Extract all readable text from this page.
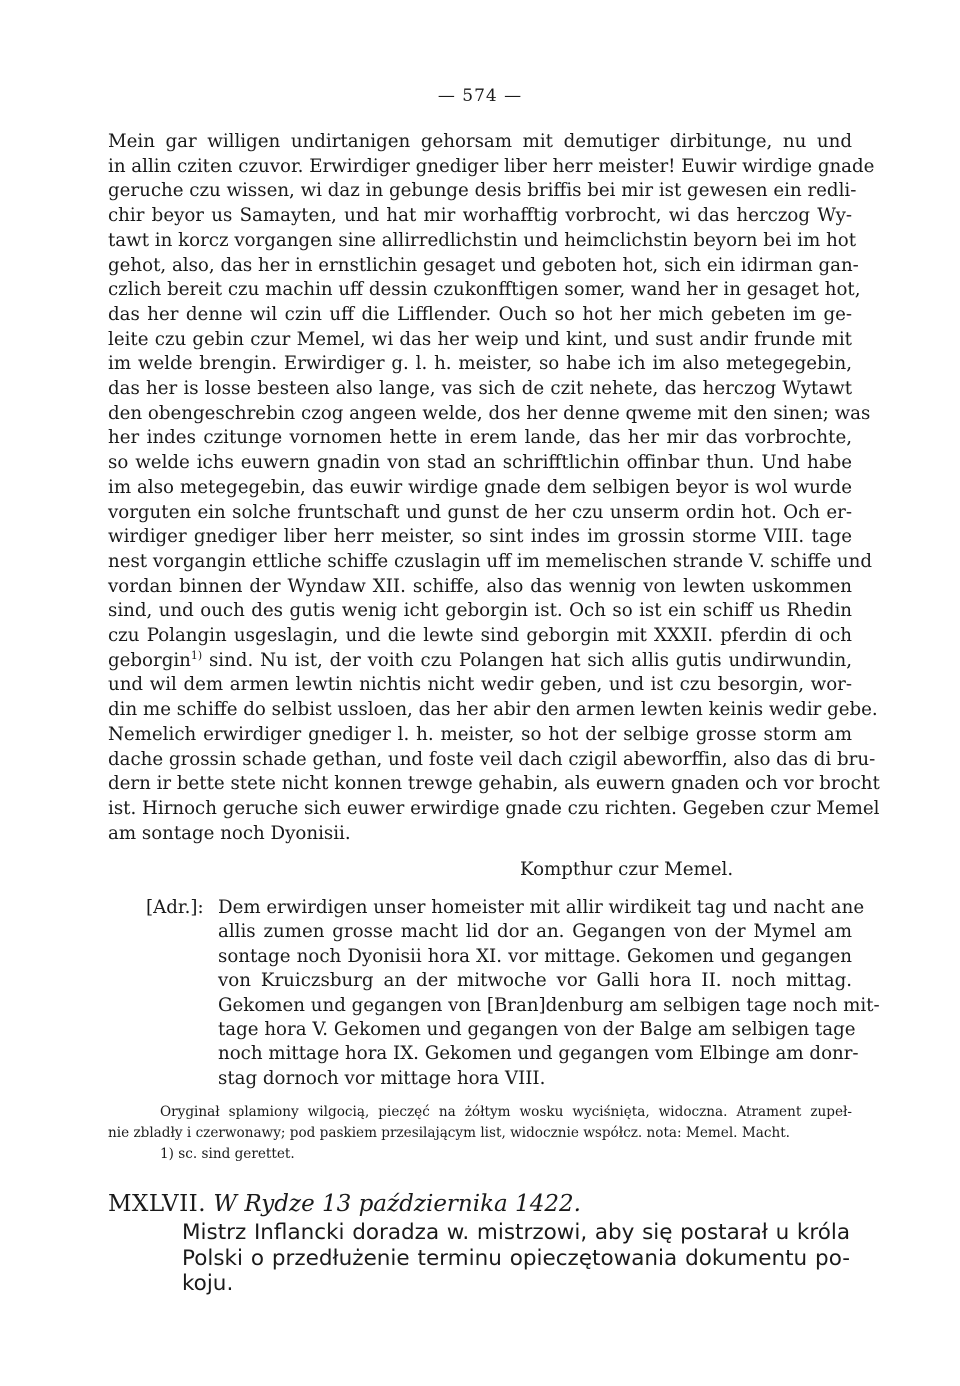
— 574 —
Mein gar willigen undirtanigen gehorsam mit demutiger dirbitunge, nu und
in allin cziten czuvor. Erwirdiger gnediger liber herr meister! Euwir wirdige gnade
geruche czu wissen, wi daz in gebunge desis briffis bei mir ist gewesen ein redli-
chir beyor us Samayten, und hat mir worhafftig vorbrocht, wi das herczog Wy-
tawt in korcz vorgangen sine allirredlichstin und heimclichstin beyorn bei im hot
gehot, also, das her in ernstlichin gesaget und geboten hot, sich ein idirman gan-
czlich bereit czu machin uff dessin czukonfftigen somer, wand her in gesaget hot,
das her denne wil czin uff die Lifflender. Ouch so hot her mich gebeten im ge-
leite czu gebin czur Memel, wi das her weip und kint, und sust andir frunde mit
im welde brengin. Erwirdiger g. l. h. meister, so habe ich im also metegegebin,
das her is losse besteen also lange, vas sich de czit nehete, das herczog Wytawt
den obengeschrebin czog angeen welde, dos her denne qweme mit den sinen; was
her indes czitunge vornomen hette in erem lande, das her mir das vorbrochte,
so welde ichs euwern gnadin von stad an schrifftlichin offinbar thun. Und habe
im also metegegebin, das euwir wirdige gnade dem selbigen beyor is wol wurde
vorguten ein solche fruntschaft und gunst de her czu unserm ordin hot. Och er-
wirdiger gnediger liber herr meister, so sint indes im grossin storme VIII. tage
nest vorgangin ettliche schiffe czuslagin uff im memelischen strande V. schiffe und
vordan binnen der Wyndaw XII. schiffe, also das wennig von lewten uskommen
sind, und ouch des gutis wenig icht geborgin ist. Och so ist ein schiff us Rhedin
czu Polangin usgeslagin, und die lewte sind geborgin mit XXXII. pferdin di och
geborgin$^{1)}$ sind. Nu ist, der voith czu Polangen hat sich allis gutis undirwundin,
und wil dem armen lewtin nichtis nicht wedir geben, und ist czu besorgin, wor-
din me schiffe do selbist ussloen, das her abir den armen lewten keinis wedir gebe.
Nemelich erwirdiger gnediger l. h. meister, so hot der selbige grosse storm am
dache grossin schade gethan, und foste veil dach czigil abeworffin, also das di bru-
dern ir bette stete nicht konnen trewge gehabin, als euwern gnaden och vor brocht
ist. Hirnoch geruche sich euwer erwirdige gnade czu richten. Gegeben czur Memel
am sontage noch Dyonisii.
Kompthur czur Memel.
[Adr.]: Dem erwirdigen unser homeister mit allir wirdikeit tag und nacht ane
allis zumen grosse macht lid dor an. Gegangen von der Mymel am
sontage noch Dyonisii hora XI. vor mittage. Gekomen und gegangen
von Kruiczsburg an der mitwoche vor Galli hora II. noch mittag.
Gekomen und gegangen von [Bran]denburg am selbigen tage noch mit-
tage hora V. Gekomen und gegangen von der Balge am selbigen tage
noch mittage hora IX. Gekomen und gegangen vom Elbinge am donr-
stag dornoch vor mittage hora VIII.
Oryginał splamiony wilgocią, pieczęć na żółtym wosku wyciśnięta, widoczna. Atrament zupeł-
nie zbladły i czerwonawy; pod paskiem przesilającym list, widocznie współcz. nota: Memel. Macht.
1) sc. sind gerettet.
MXLVII. W Rydze 13 października 1422.
Mistrz Inflancki doradza w. mistrzowi, aby się postarał u króla
Polski o przedłużenie terminu opieczętowania dokumentu po-
koju.
